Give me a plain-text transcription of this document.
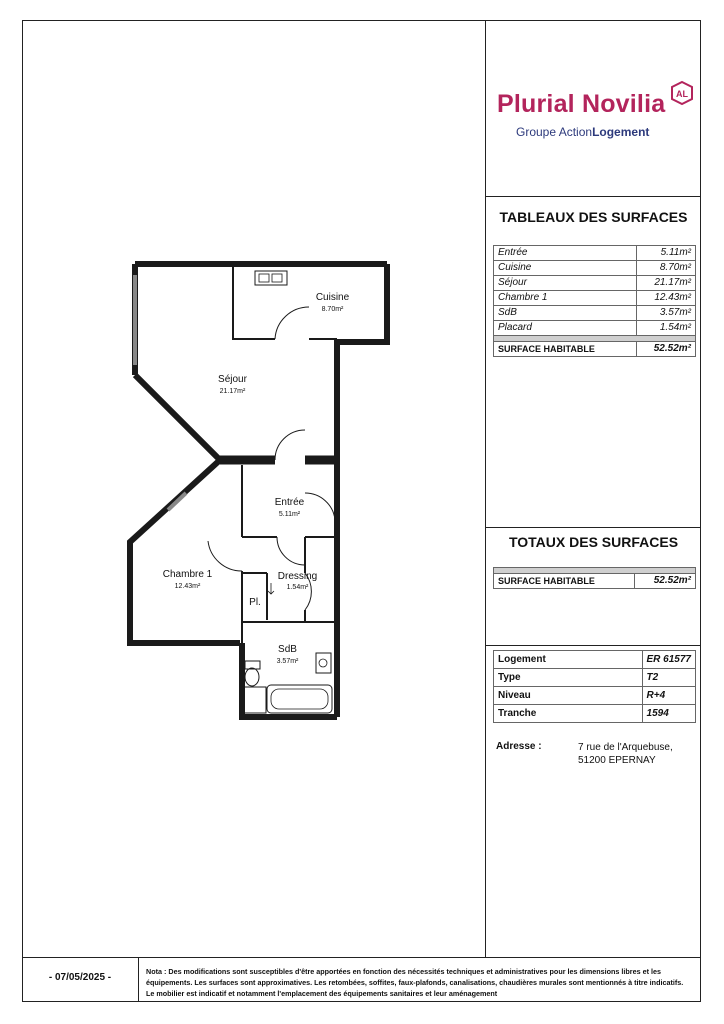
Plurial Novilia AL
Groupe ActionLogement
TABLEAUX DES SURFACES
Entrée	5.11m²
Cuisine	8.70m²
Séjour	21.17m²
Chambre 1	12.43m²
SdB	3.57m²
Placard	1.54m²

SURFACE HABITABLE	52.52m²
TOTAUX DES SURFACES

SURFACE HABITABLE	52.52m²
Logement	ER 61577
Type	T2
Niveau	R+4
Tranche	1594
Adresse :	7 rue de l'Arquebuse,
51200 EPERNAY
Cuisine
8.70m²
Séjour
21.17m²
Entrée
5.11m²
Chambre 1
12.43m²
Dressing
1.54m²
Pl.
SdB
3.57m²
- 07/05/2025 -
Nota : Des modifications sont susceptibles d'être apportées en fonction des nécessités techniques et administratives pour les dimensions libres et les équipements. Les surfaces sont approximatives. Les retombées, soffites, faux-plafonds, canalisations, chaudières murales sont mentionnés à titre indicatifs. Le mobilier est indicatif et notamment l'emplacement des équipements sanitaires et leur aménagement
